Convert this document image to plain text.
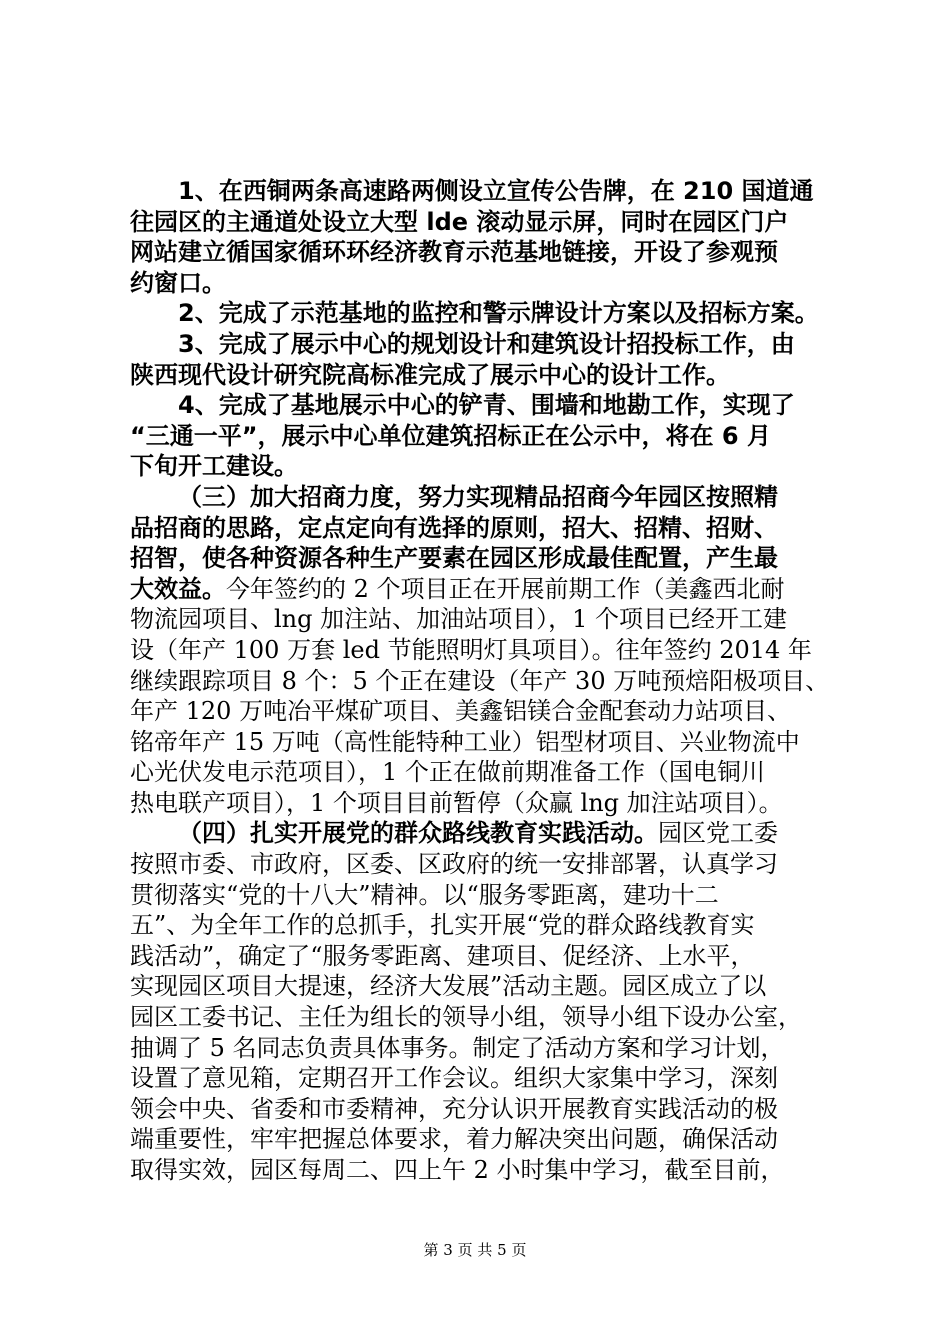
1、在西铜两条高速路两侧设立宣传公告牌，在 210 国道通
往园区的主通道处设立大型 lde 滚动显示屏，同时在园区门户
网站建立循国家循环环经济教育示范基地链接，开设了参观预
约窗口。
2、完成了示范基地的监控和警示牌设计方案以及招标方案。
3、完成了展示中心的规划设计和建筑设计招投标工作，由
陕西现代设计研究院高标准完成了展示中心的设计工作。
4、完成了基地展示中心的铲青、围墙和地勘工作，实现了
“三通一平”，展示中心单位建筑招标正在公示中，将在 6 月
下旬开工建设。
（三）加大招商力度，努力实现精品招商今年园区按照精
品招商的思路，定点定向有选择的原则，招大、招精、招财、
招智，使各种资源各种生产要素在园区形成最佳配置，产生最
大效益。今年签约的 2 个项目正在开展前期工作（美鑫西北耐
物流园项目、lng 加注站、加油站项目），1 个项目已经开工建
设（年产 100 万套 led 节能照明灯具项目）。往年签约 2014 年
继续跟踪项目 8 个：5 个正在建设（年产 30 万吨预焙阳极项目、
年产 120 万吨冶平煤矿项目、美鑫铝镁合金配套动力站项目、
铭帝年产 15 万吨（高性能特种工业）铝型材项目、兴业物流中
心光伏发电示范项目），1 个正在做前期准备工作（国电铜川
热电联产项目），1 个项目目前暂停（众赢 lng 加注站项目）。
（四）扎实开展党的群众路线教育实践活动。园区党工委
按照市委、市政府，区委、区政府的统一安排部署，认真学习
贯彻落实“党的十八大”精神。以“服务零距离，建功十二
五”、为全年工作的总抓手，扎实开展“党的群众路线教育实
践活动”，确定了“服务零距离、建项目、促经济、上水平，
实现园区项目大提速，经济大发展”活动主题。园区成立了以
园区工委书记、主任为组长的领导小组，领导小组下设办公室，
抽调了 5 名同志负责具体事务。制定了活动方案和学习计划，
设置了意见箱，定期召开工作会议。组织大家集中学习，深刻
领会中央、省委和市委精神，充分认识开展教育实践活动的极
端重要性，牢牢把握总体要求，着力解决突出问题，确保活动
取得实效，园区每周二、四上午 2 小时集中学习，截至目前，
第 3 页 共 5 页
